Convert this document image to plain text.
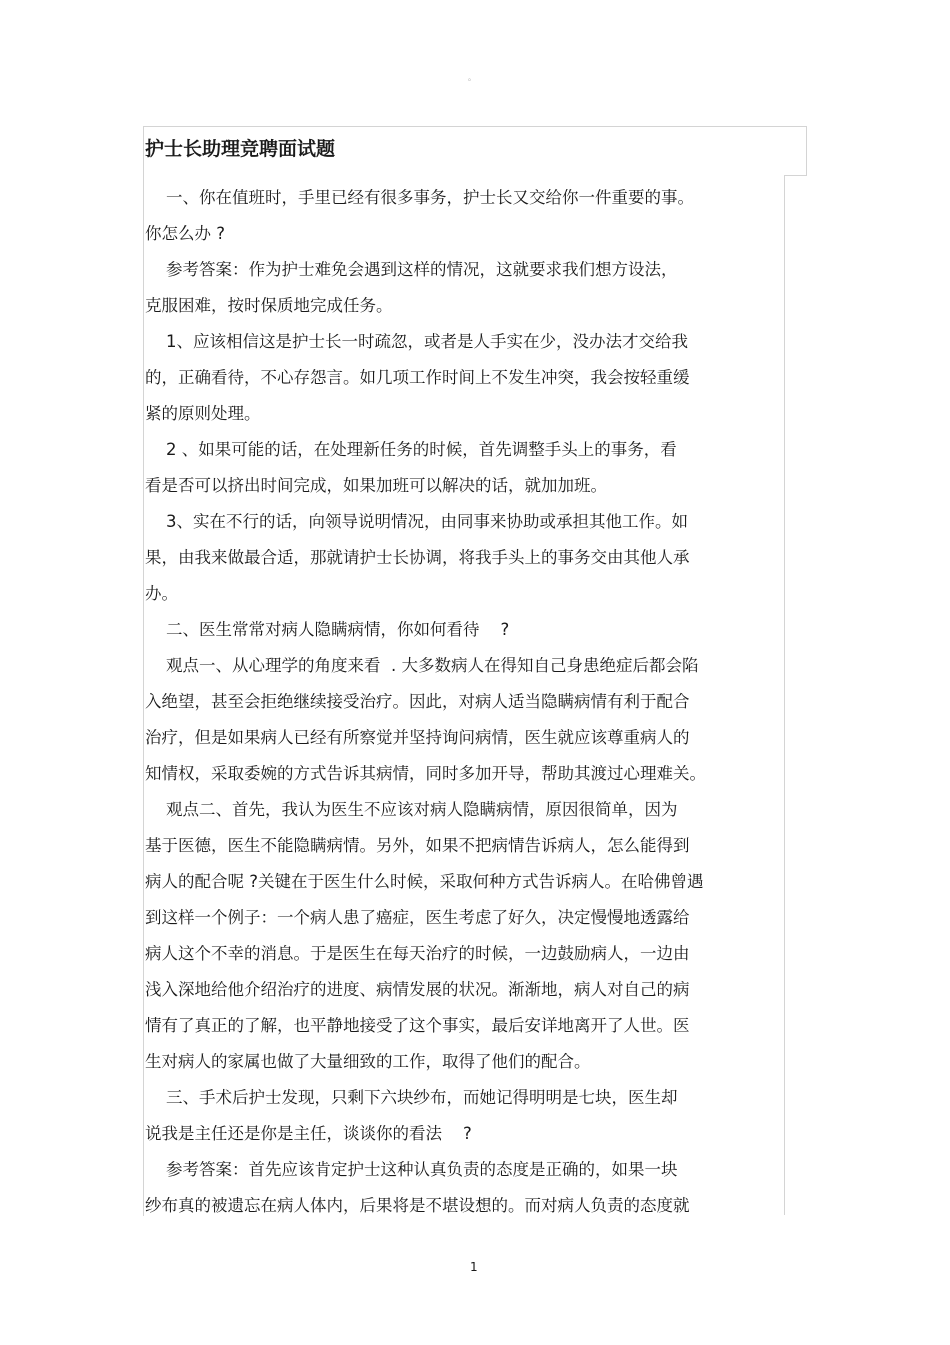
。
护士长助理竞聘面试题

一、你在值班时，手里已经有很多事务，护士长又交给你一件重要的事。

你怎么办 ?

参考答案：作为护士难免会遇到这样的情况，这就要求我们想方设法，

克服困难，按时保质地完成任务。

1、应该相信这是护士长一时疏忽，或者是人手实在少，没办法才交给我

的，正确看待，不心存怨言。如几项工作时间上不发生冲突，我会按轻重缓

紧的原则处理。

2 、如果可能的话，在处理新任务的时候，首先调整手头上的事务，看

看是否可以挤出时间完成，如果加班可以解决的话，就加加班。

3、实在不行的话，向领导说明情况，由同事来协助或承担其他工作。如

果，由我来做最合适，那就请护士长协调，将我手头上的事务交由其他人承

办。

二、医生常常对病人隐瞒病情，你如何看待    ?

观点一、从心理学的角度来看  . 大多数病人在得知自己身患绝症后都会陷

入绝望，甚至会拒绝继续接受治疗。因此，对病人适当隐瞒病情有利于配合

治疗，但是如果病人已经有所察觉并坚持询问病情，医生就应该尊重病人的

知情权，采取委婉的方式告诉其病情，同时多加开导，帮助其渡过心理难关。

观点二、首先，我认为医生不应该对病人隐瞒病情，原因很简单，因为

基于医德，医生不能隐瞒病情。另外，如果不把病情告诉病人，怎么能得到

病人的配合呢 ?关键在于医生什么时候，采取何种方式告诉病人。在哈佛曾遇

到这样一个例子：一个病人患了癌症，医生考虑了好久，决定慢慢地透露给

病人这个不幸的消息。于是医生在每天治疗的时候，一边鼓励病人，一边由

浅入深地给他介绍治疗的进度、病情发展的状况。渐渐地，病人对自己的病

情有了真正的了解，也平静地接受了这个事实，最后安详地离开了人世。医

生对病人的家属也做了大量细致的工作，取得了他们的配合。

三、手术后护士发现，只剩下六块纱布，而她记得明明是七块，医生却

说我是主任还是你是主任，谈谈你的看法    ?

参考答案：首先应该肯定护士这种认真负责的态度是正确的，如果一块

纱布真的被遗忘在病人体内，后果将是不堪设想的。而对病人负责的态度就

1
